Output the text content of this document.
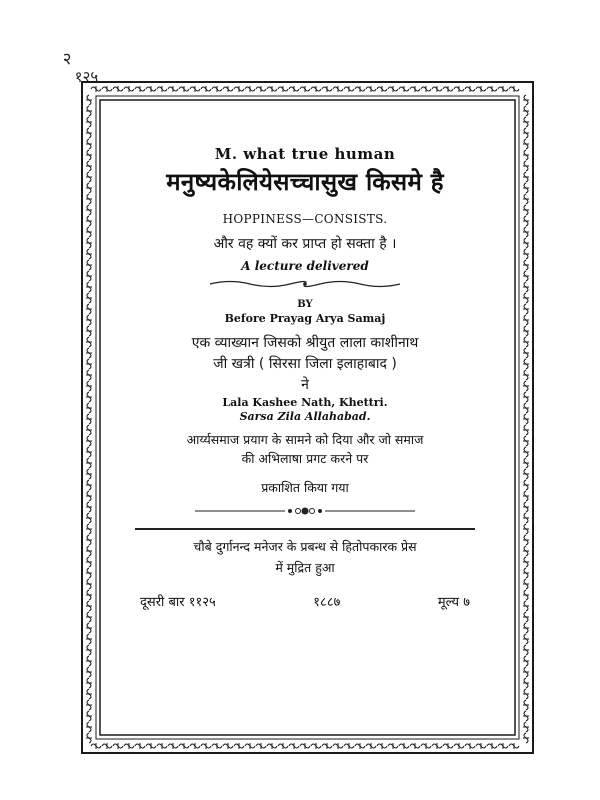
२
१२५
M. what true human
मनुष्यकेलियेसच्चासुख किसमे है
HOPPINESS—CONSISTS.
और वह क्यों कर प्राप्त हो सक्ता है ।
A lecture delivered
BY
Before Prayag Arya Samaj
एक व्याख्यान जिसको श्रीयुत लाला काशीनाथ
जी खत्री ( सिरसा जिला इलाहाबाद )
ने
Lala Kashee Nath, Khettri.
Sarsa Zila Allahabad.
आर्य्यसमाज प्रयाग के सामने को दिया और जो समाज
की अभिलाषा प्रगट करने पर
प्रकाशित किया गया
चौबे दुर्गानन्द मनेजर के प्रबन्ध से हितोपकारक प्रेस
में मुद्रित हुआ
दूसरी बार ११२५	१८८७	मूल्य ७
